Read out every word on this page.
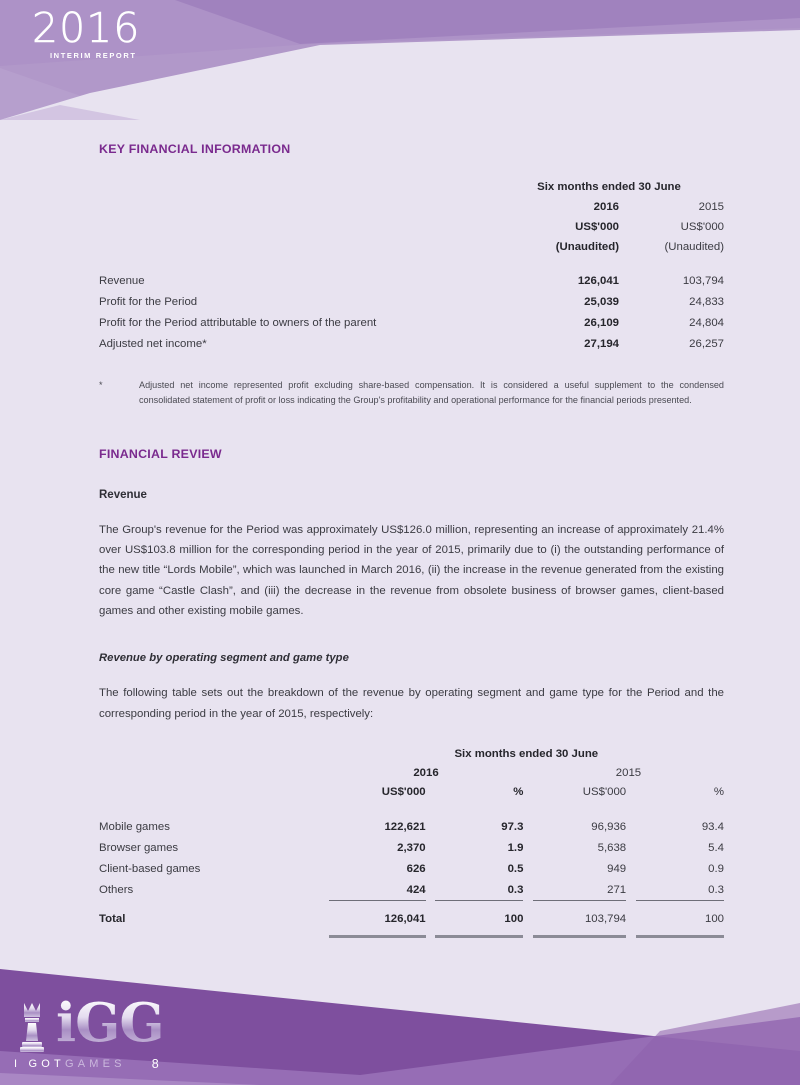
2016
INTERIM REPORT
KEY FINANCIAL INFORMATION
	Six months ended 30 June	
	2016	2015
	US$'000	US$'000
	(Unaudited)	(Unaudited)
Revenue	126,041	103,794
Profit for the Period	25,039	24,833
Profit for the Period attributable to owners of the parent	26,109	24,804
Adjusted net income*	27,194	26,257
*	Adjusted net income represented profit excluding share-based compensation. It is considered a useful supplement to the condensed consolidated statement of profit or loss indicating the Group's profitability and operational performance for the financial periods presented.
FINANCIAL REVIEW
Revenue

The Group's revenue for the Period was approximately US$126.0 million, representing an increase of approximately 21.4% over US$103.8 million for the corresponding period in the year of 2015, primarily due to (i) the outstanding performance of the new title “Lords Mobile”, which was launched in March 2016, (ii) the increase in the revenue generated from the existing core game “Castle Clash”, and (iii) the decrease in the revenue from obsolete business of browser games, client-based games and other existing mobile games.

Revenue by operating segment and game type

The following table sets out the breakdown of the revenue by operating segment and game type for the Period and the corresponding period in the year of 2015, respectively:

	Six months ended 30 June						
	2016				2015		
	US$'000		%		US$'000		%
Mobile games	122,621		97.3		96,936		93.4
Browser games	2,370		1.9		5,638		5.4
Client-based games	626		0.5		949		0.9
Others	424		0.3		271		0.3

Total	126,041		100		103,794		100

iGG
I GOT GAMES 8
